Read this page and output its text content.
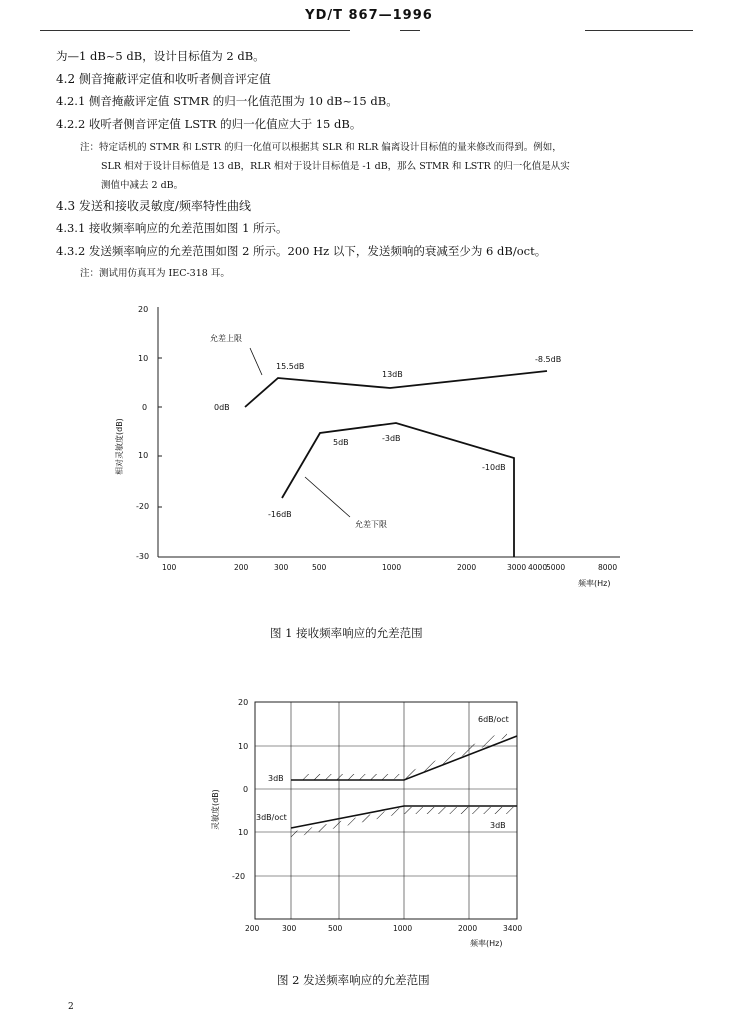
YD/T 867—1996
为—1 dB~5 dB，设计目标值为 2 dB。
4.2 侧音掩蔽评定值和收听者侧音评定值
4.2.1 侧音掩蔽评定值 STMR 的归一化值范围为 10 dB~15 dB。
4.2.2 收听者侧音评定值 LSTR 的归一化值应大于 15 dB。
注：特定话机的 STMR 和 LSTR 的归一化值可以根据其 SLR 和 RLR 偏离设计目标值的量来修改而得到。例如，
SLR 相对于设计目标值是 13 dB，RLR 相对于设计目标值是 -1 dB，那么 STMR 和 LSTR 的归一化值是从实
测值中减去 2 dB。
4.3 发送和接收灵敏度/频率特性曲线
4.3.1 接收频率响应的允差范围如图 1 所示。
4.3.2 发送频率响应的允差范围如图 2 所示。200 Hz 以下，发送频响的衰减至少为 6 dB/oct。
注：测试用仿真耳为 IEC-318 耳。
20
10
0
10
-20
-30
相对灵敏度(dB)
100	200	300	500	1000	2000	3000 4000
5000	8000
频率(Hz)
允差上限
允差下限
0dB
15.5dB
13dB
-8.5dB
5dB	-3dB
-10dB
-16dB
图 1 接收频率响应的允差范围
20
10
0
10
-20
灵敏度(dB)
200	300	500	1000	2000	3400
频率(Hz)
6dB/oct
3dB
3dB/oct
3dB
图 2 发送频率响应的允差范围
2
